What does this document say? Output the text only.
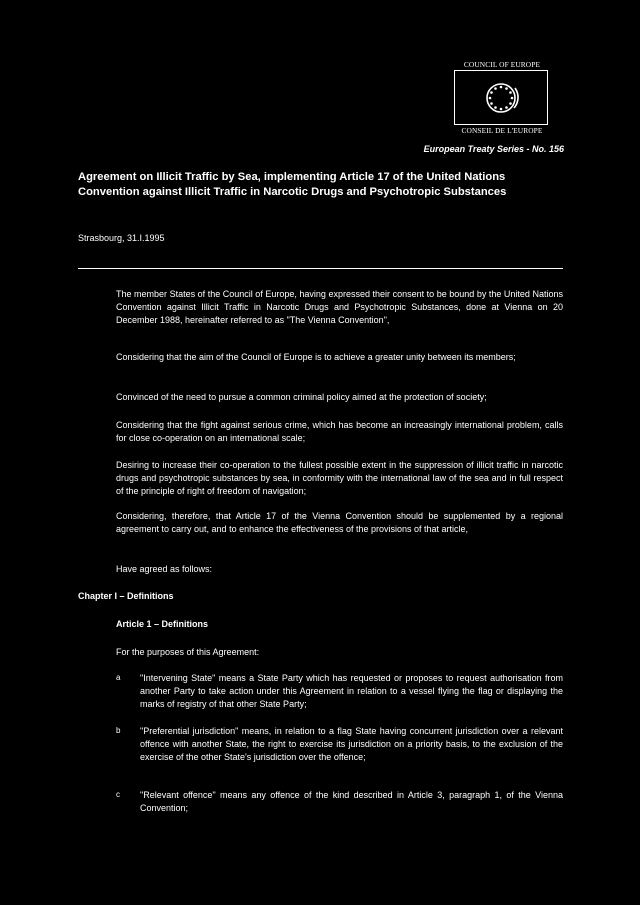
COUNCIL OF EUROPE
CONSEIL DE L'EUROPE
European Treaty Series - No. 156
Agreement on Illicit Traffic by Sea, implementing Article 17 of the United Nations Convention against Illicit Traffic in Narcotic Drugs and Psychotropic Substances
Strasbourg, 31.I.1995

The member States of the Council of Europe, having expressed their consent to be bound by the United Nations Convention against Illicit Traffic in Narcotic Drugs and Psychotropic Substances, done at Vienna on 20 December 1988, hereinafter referred to as "The Vienna Convention",

Considering that the aim of the Council of Europe is to achieve a greater unity between its members;

Convinced of the need to pursue a common criminal policy aimed at the protection of society;

Considering that the fight against serious crime, which has become an increasingly international problem, calls for close co-operation on an international scale;

Desiring to increase their co-operation to the fullest possible extent in the suppression of illicit traffic in narcotic drugs and psychotropic substances by sea, in conformity with the international law of the sea and in full respect of the principle of right of freedom of navigation;

Considering, therefore, that Article 17 of the Vienna Convention should be supplemented by a regional agreement to carry out, and to enhance the effectiveness of the provisions of that article,

Have agreed as follows:

Chapter I – Definitions
Article 1 – Definitions

For the purposes of this Agreement:

a "Intervening State" means a State Party which has requested or proposes to request authorisation from another Party to take action under this Agreement in relation to a vessel flying the flag or displaying the marks of registry of that other State Party;

b "Preferential jurisdiction" means, in relation to a flag State having concurrent jurisdiction over a relevant offence with another State, the right to exercise its jurisdiction on a priority basis, to the exclusion of the exercise of the other State's jurisdiction over the offence;

c "Relevant offence" means any offence of the kind described in Article 3, paragraph 1, of the Vienna Convention;
